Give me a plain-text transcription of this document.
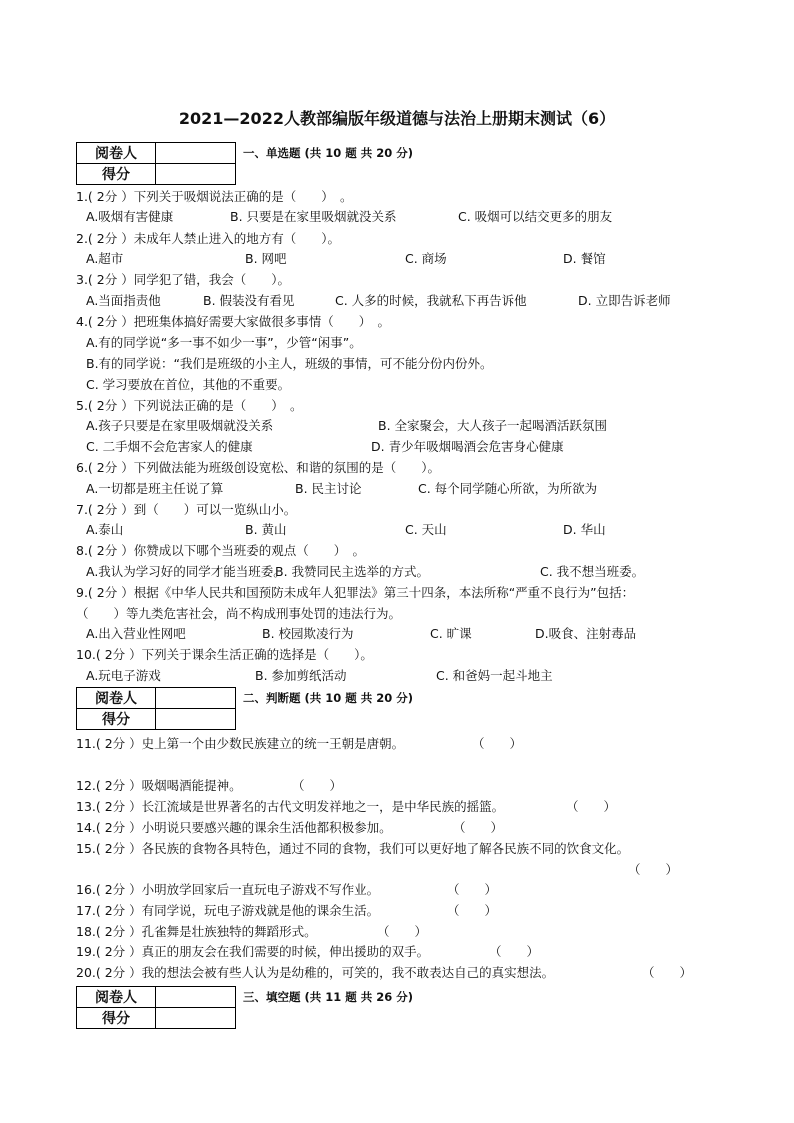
2021—2022人教部编版年级道德与法治上册期末测试（6）
阅卷人	
得分	
一、单选题 (共 10 题 共 20 分)
阅卷人	
得分	
二、判断题 (共 10 题 共 20 分)
阅卷人	
得分	
三、填空题 (共 11 题 共 26 分)
1.( 2分 ）下列关于吸烟说法正确的是（　　）　。
A.吸烟有害健康	B. 只要是在家里吸烟就没关系	C. 吸烟可以结交更多的朋友
2.( 2分 ）未成年人禁止进入的地方有（　　）。
A.超市	B. 网吧	C. 商场	D. 餐馆
3.( 2分 ）同学犯了错，我会（　　）。
A.当面指责他	B. 假装没有看见	C. 人多的时候，我就私下再告诉他	D. 立即告诉老师
4.( 2分 ）把班集体搞好需要大家做很多事情（　　）　。
A.有的同学说“多一事不如少一事”，少管“闲事”。
B.有的同学说：“我们是班级的小主人，班级的事情，可不能分份内份外。
C. 学习要放在首位，其他的不重要。
5.( 2分 ）下列说法正确的是（　　）　。
A.孩子只要是在家里吸烟就没关系	B. 全家聚会，大人孩子一起喝酒活跃氛围
C. 二手烟不会危害家人的健康	D. 青少年吸烟喝酒会危害身心健康
6.( 2分 ）下列做法能为班级创设宽松、和谐的氛围的是（　　）。
A.一切都是班主任说了算	B. 民主讨论	C. 每个同学随心所欲，为所欲为
7.( 2分 ）到（　　）可以一览纵山小。
A.泰山	B. 黄山	C. 天山	D. 华山
8.( 2分 ）你赞成以下哪个当班委的观点（　　）　。
A.我认为学习好的同学才能当班委。
B. 我赞同民主选举的方式。	C. 我不想当班委。
9.( 2分 ）根据《中华人民共和国预防未成年人犯罪法》第三十四条，本法所称“严重不良行为”包括：
（　　）等九类危害社会，尚不构成刑事处罚的违法行为。
A.出入营业性网吧	B. 校园欺凌行为	C. 旷课	D.吸食、注射毒品
10.( 2分 ）下列关于课余生活正确的选择是（　　）。
A.玩电子游戏	B. 参加剪纸活动	C. 和爸妈一起斗地主
11.( 2分 ）史上第一个由少数民族建立的统一王朝是唐朝。	（　　）
12.( 2分 ）吸烟喝酒能提神。	（　　）
13.( 2分 ）长江流域是世界著名的古代文明发祥地之一，是中华民族的摇篮。	（　　）
14.( 2分 ）小明说只要感兴趣的课余生活他都积极参加。	（　　）
15.( 2分 ）各民族的食物各具特色，通过不同的食物，我们可以更好地了解各民族不同的饮食文化。
（　　）
16.( 2分 ）小明放学回家后一直玩电子游戏不写作业。	（　　）
17.( 2分 ）有同学说，玩电子游戏就是他的课余生活。	（　　）
18.( 2分 ）孔雀舞是壮族独特的舞蹈形式。	（　　）
19.( 2分 ）真正的朋友会在我们需要的时候，伸出援助的双手。	（　　）
20.( 2分 ）我的想法会被有些人认为是幼稚的，可笑的，我不敢表达自己的真实想法。	（　　）
